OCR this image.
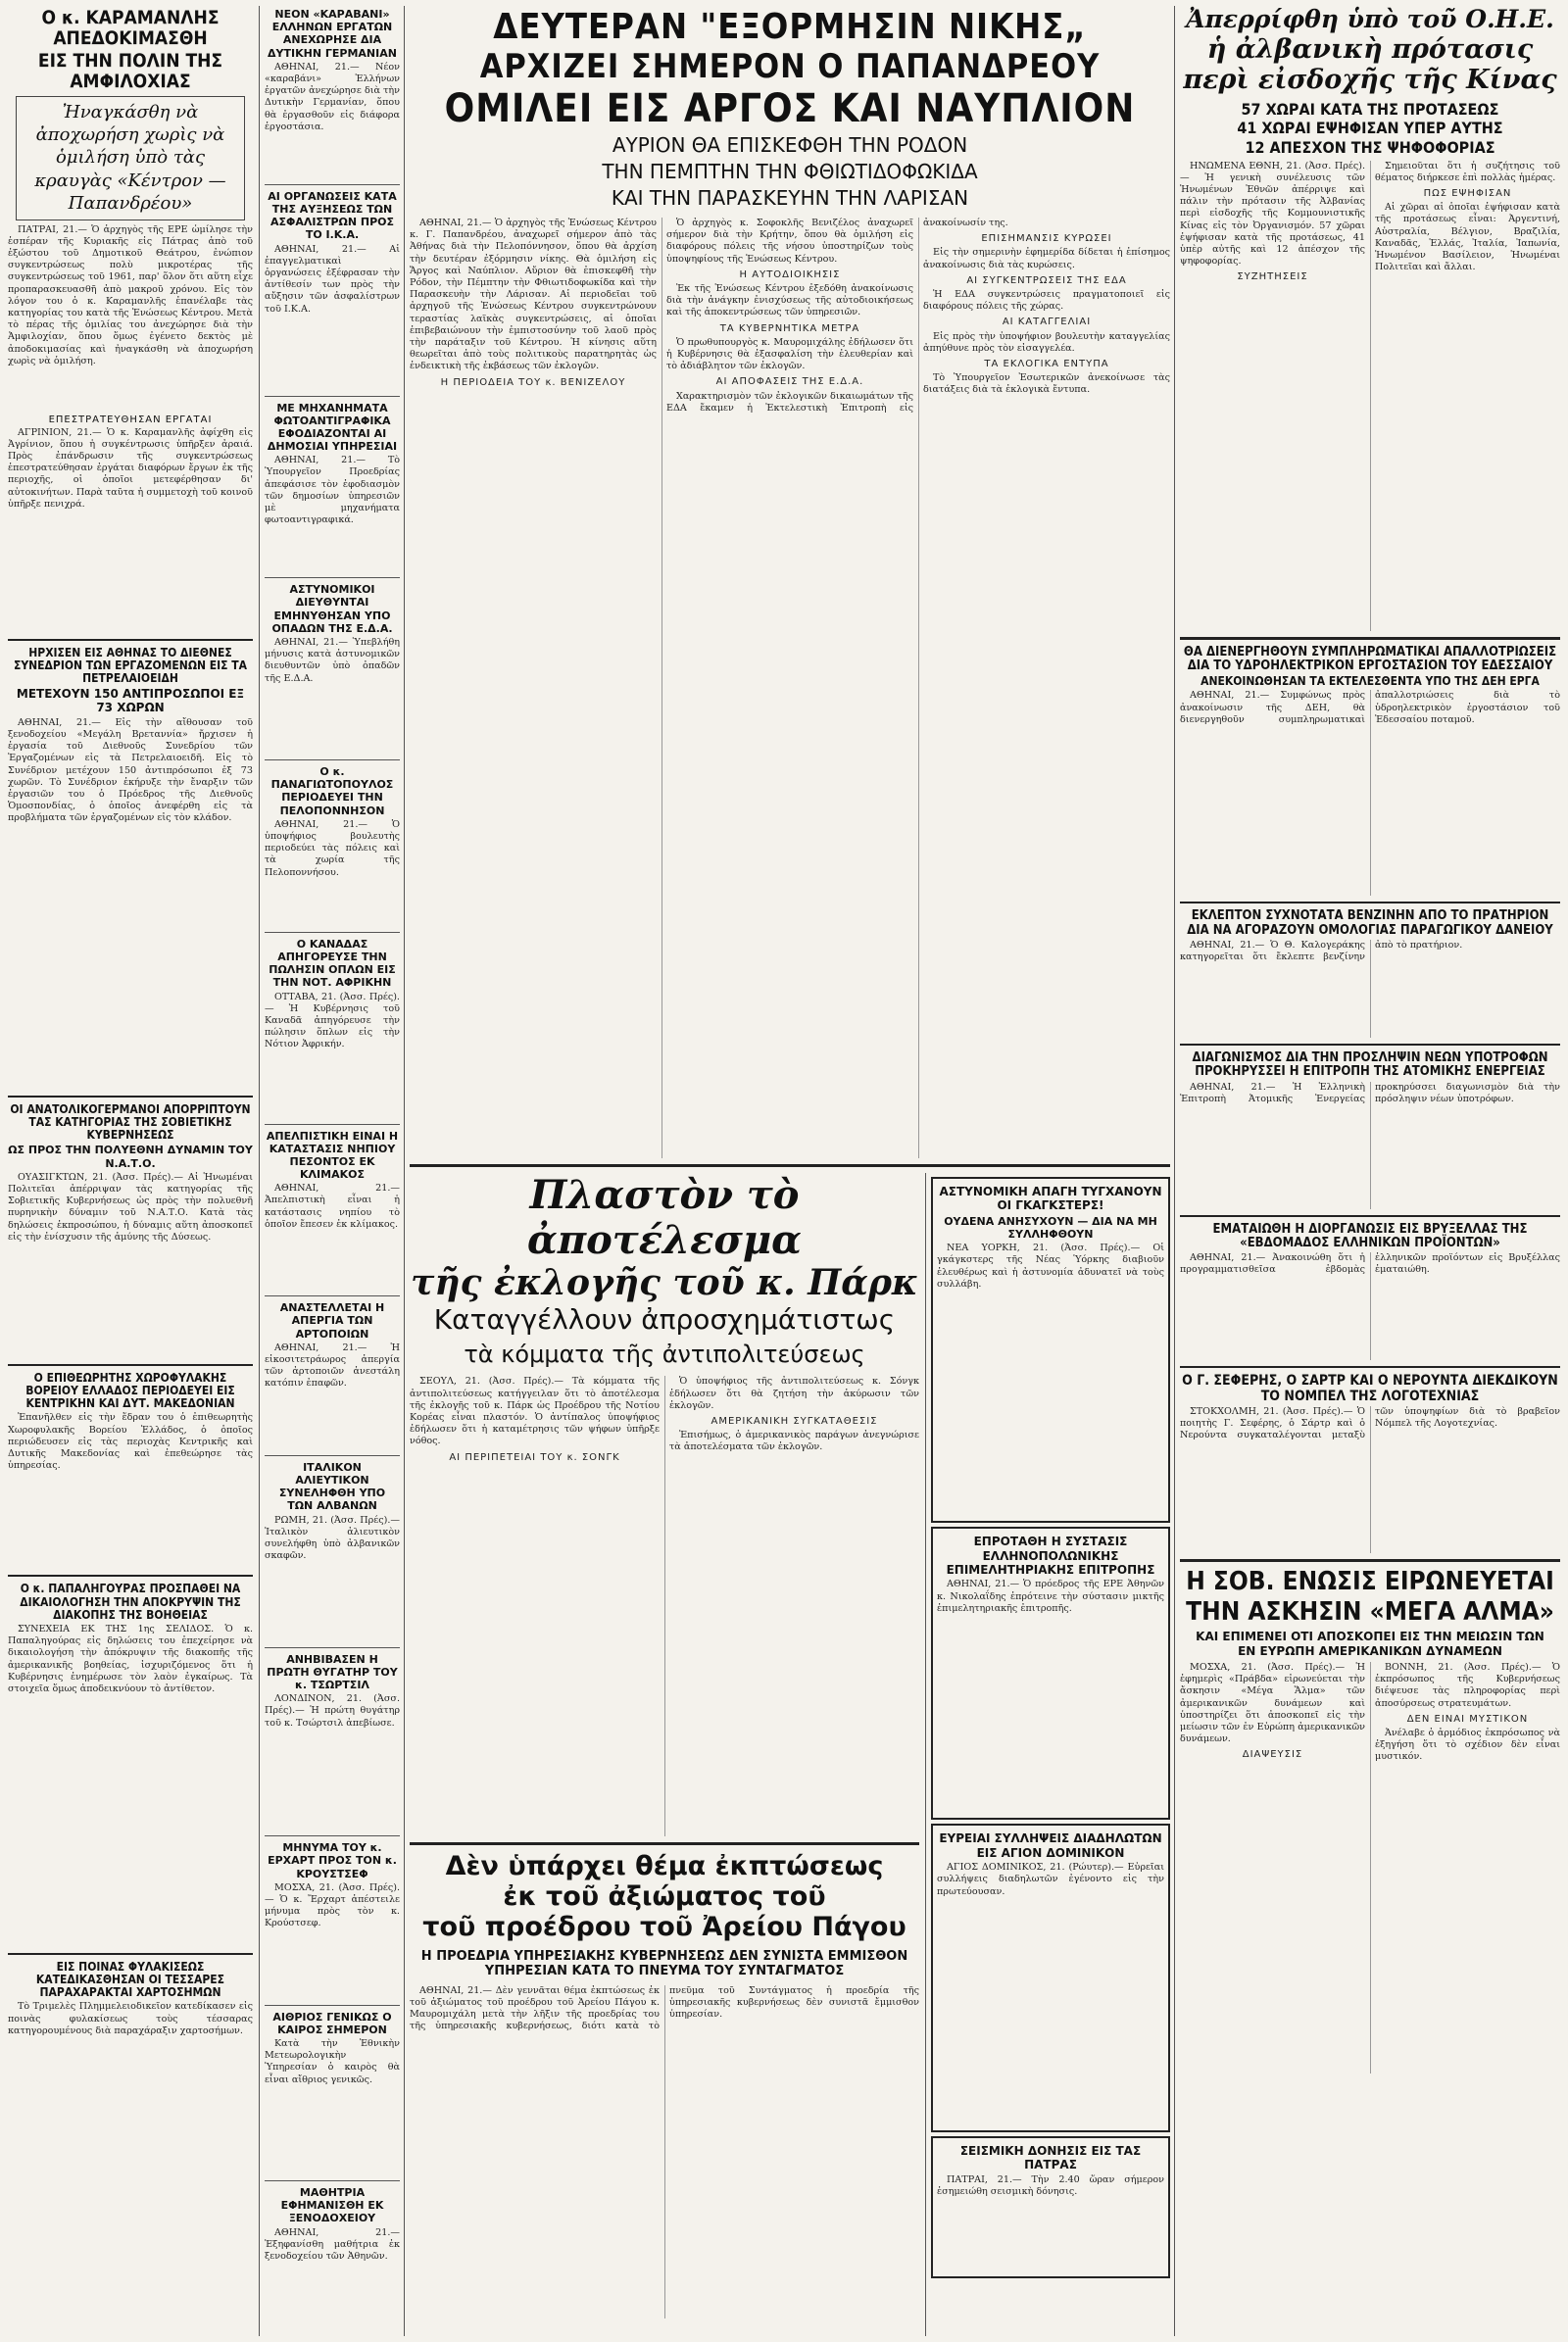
Ο κ. ΚΑΡΑΜΑΝΛΗΣ ΑΠΕΔΟΚΙΜΑΣΘΗ
ΕΙΣ ΤΗΝ ΠΟΛΙΝ ΤΗΣ ΑΜΦΙΛΟΧΙΑΣ
Ἠναγκάσθη νὰ ἀποχωρήση χωρὶς νὰ ὁμιλήση ὑπὸ τὰς κραυγὰς «Κέντρον — Παπανδρέου»

ΠΑΤΡΑΙ, 21.— Ὁ ἀρχηγὸς τῆς ΕΡΕ ὡμίλησε τὴν ἑσπέραν τῆς Κυριακῆς εἰς Πάτρας ἀπὸ τοῦ ἐξώστου τοῦ Δημοτικοῦ Θεάτρου, ἐνώπιον συγκεντρώσεως πολὺ μικροτέρας τῆς συγκεντρώσεως τοῦ 1961, παρ' ὅλον ὅτι αὕτη εἶχε προπαρασκευασθῆ ἀπὸ μακροῦ χρόνου. Εἰς τὸν λόγον του ὁ κ. Καραμανλῆς ἐπανέλαβε τὰς κατηγορίας του κατὰ τῆς Ἑνώσεως Κέντρου. Μετὰ τὸ πέρας τῆς ὁμιλίας του ἀνεχώρησε διὰ τὴν Ἀμφιλοχίαν, ὅπου ὅμως ἐγένετο δεκτὸς μὲ ἀποδοκιμασίας καὶ ἠναγκάσθη νὰ ἀποχωρήση χωρὶς νὰ ὁμιλήση.

ΕΠΕΣΤΡΑΤΕΥΘΗΣΑΝ ΕΡΓΑΤΑΙ

ΑΓΡΙΝΙΟΝ, 21.— Ὁ κ. Καραμανλῆς ἀφίχθη εἰς Ἀγρίνιον, ὅπου ἡ συγκέντρωσις ὑπῆρξεν ἀραιά. Πρὸς ἐπάνδρωσιν τῆς συγκεντρώσεως ἐπεστρατεύθησαν ἐργάται διαφόρων ἔργων ἐκ τῆς περιοχῆς, οἱ ὁποῖοι μετεφέρθησαν δι' αὐτοκινήτων. Παρὰ ταῦτα ἡ συμμετοχὴ τοῦ κοινοῦ ὑπῆρξε πενιχρά.

ΗΡΧΙΣΕΝ ΕΙΣ ΑΘΗΝΑΣ ΤΟ ΔΙΕΘΝΕΣ ΣΥΝΕΔΡΙΟΝ ΤΩΝ ΕΡΓΑΖΟΜΕΝΩΝ ΕΙΣ ΤΑ ΠΕΤΡΕΛΑΙΟΕΙΔΗ
ΜΕΤΕΧΟΥΝ 150 ΑΝΤΙΠΡΟΣΩΠΟΙ ΕΞ 73 ΧΩΡΩΝ

ΑΘΗΝΑΙ, 21.— Εἰς τὴν αἴθουσαν τοῦ ξενοδοχείου «Μεγάλη Βρεταννία» ἤρχισεν ἡ ἐργασία τοῦ Διεθνοῦς Συνεδρίου τῶν Ἐργαζομένων εἰς τὰ Πετρελαιοειδῆ. Εἰς τὸ Συνέδριον μετέχουν 150 ἀντιπρόσωποι ἐξ 73 χωρῶν. Τὸ Συνέδριον ἐκήρυξε τὴν ἔναρξιν τῶν ἐργασιῶν του ὁ Πρόεδρος τῆς Διεθνοῦς Ὁμοσπονδίας, ὁ ὁποῖος ἀνεφέρθη εἰς τὰ προβλήματα τῶν ἐργαζομένων εἰς τὸν κλάδον.

ΟΙ ΑΝΑΤΟΛΙΚΟΓΕΡΜΑΝΟΙ ΑΠΟΡΡΙΠΤΟΥΝ ΤΑΣ ΚΑΤΗΓΟΡΙΑΣ ΤΗΣ ΣΟΒΙΕΤΙΚΗΣ ΚΥΒΕΡΝΗΣΕΩΣ
ΩΣ ΠΡΟΣ ΤΗΝ ΠΟΛΥΕΘΝΗ ΔΥΝΑΜΙΝ ΤΟΥ Ν.Α.Τ.Ο.

ΟΥΑΣΙΓΚΤΩΝ, 21. (Ἀσσ. Πρές).— Αἱ Ἡνωμέναι Πολιτεῖαι ἀπέρριψαν τὰς κατηγορίας τῆς Σοβιετικῆς Κυβερνήσεως ὡς πρὸς τὴν πολυεθνῆ πυρηνικὴν δύναμιν τοῦ Ν.Α.Τ.Ο. Κατὰ τὰς δηλώσεις ἐκπροσώπου, ἡ δύναμις αὕτη ἀποσκοπεῖ εἰς τὴν ἐνίσχυσιν τῆς ἀμύνης τῆς Δύσεως.

Ο ΕΠΙΘΕΩΡΗΤΗΣ ΧΩΡΟΦΥΛΑΚΗΣ ΒΟΡΕΙΟΥ ΕΛΛΑΔΟΣ ΠΕΡΙΟΔΕΥΕΙ ΕΙΣ ΚΕΝΤΡΙΚΗΝ ΚΑΙ ΔΥΤ. ΜΑΚΕΔΟΝΙΑΝ

Ἐπανῆλθεν εἰς τὴν ἕδραν του ὁ ἐπιθεωρητὴς Χωροφυλακῆς Βορείου Ἑλλάδος, ὁ ὁποῖος περιώδευσεν εἰς τὰς περιοχὰς Κεντρικῆς καὶ Δυτικῆς Μακεδονίας καὶ ἐπεθεώρησε τὰς ὑπηρεσίας.

Ο κ. ΠΑΠΑΛΗΓΟΥΡΑΣ ΠΡΟΣΠΑΘΕΙ ΝΑ ΔΙΚΑΙΟΛΟΓΗΣΗ ΤΗΝ ΑΠΟΚΡΥΨΙΝ ΤΗΣ ΔΙΑΚΟΠΗΣ ΤΗΣ ΒΟΗΘΕΙΑΣ

ΣΥΝΕΧΕΙΑ ΕΚ ΤΗΣ 1ης ΣΕΛΙΔΟΣ. Ὁ κ. Παπαληγούρας εἰς δηλώσεις του ἐπεχείρησε νὰ δικαιολογήση τὴν ἀπόκρυψιν τῆς διακοπῆς τῆς ἀμερικανικῆς βοηθείας, ἰσχυριζόμενος ὅτι ἡ Κυβέρνησις ἐνημέρωσε τὸν λαὸν ἐγκαίρως. Τὰ στοιχεῖα ὅμως ἀποδεικνύουν τὸ ἀντίθετον.

ΕΙΣ ΠΟΙΝΑΣ ΦΥΛΑΚΙΣΕΩΣ ΚΑΤΕΔΙΚΑΣΘΗΣΑΝ ΟΙ ΤΕΣΣΑΡΕΣ ΠΑΡΑΧΑΡΑΚΤΑΙ ΧΑΡΤΟΣΗΜΩΝ

Τὸ Τριμελὲς Πλημμελειοδικεῖον κατεδίκασεν εἰς ποινὰς φυλακίσεως τοὺς τέσσαρας κατηγορουμένους διὰ παραχάραξιν χαρτοσήμων.

ΝΕΟΝ «ΚΑΡΑΒΑΝΙ» ΕΛΛΗΝΩΝ ΕΡΓΑΤΩΝ ΑΝΕΧΩΡΗΣΕ ΔΙΑ ΔΥΤΙΚΗΝ ΓΕΡΜΑΝΙΑΝ

ΑΘΗΝΑΙ, 21.— Νέον «καραβάνι» Ἑλλήνων ἐργατῶν ἀνεχώρησε διὰ τὴν Δυτικὴν Γερμανίαν, ὅπου θὰ ἐργασθοῦν εἰς διάφορα ἐργοστάσια.

ΑΙ ΟΡΓΑΝΩΣΕΙΣ ΚΑΤΑ ΤΗΣ ΑΥΞΗΣΕΩΣ ΤΩΝ ΑΣΦΑΛΙΣΤΡΩΝ ΠΡΟΣ ΤΟ Ι.Κ.Α.

ΑΘΗΝΑΙ, 21.— Αἱ ἐπαγγελματικαὶ ὀργανώσεις ἐξέφρασαν τὴν ἀντίθεσίν των πρὸς τὴν αὔξησιν τῶν ἀσφαλίστρων τοῦ Ι.Κ.Α.

ΜΕ ΜΗΧΑΝΗΜΑΤΑ ΦΩΤΟΑΝΤΙΓΡΑΦΙΚΑ ΕΦΟΔΙΑΖΟΝΤΑΙ ΑΙ ΔΗΜΟΣΙΑΙ ΥΠΗΡΕΣΙΑΙ

ΑΘΗΝΑΙ, 21.— Τὸ Ὑπουργεῖον Προεδρίας ἀπεφάσισε τὸν ἐφοδιασμὸν τῶν δημοσίων ὑπηρεσιῶν μὲ μηχανήματα φωτοαντιγραφικά.

ΑΣΤΥΝΟΜΙΚΟΙ ΔΙΕΥΘΥΝΤΑΙ ΕΜΗΝΥΘΗΣΑΝ ΥΠΟ ΟΠΑΔΩΝ ΤΗΣ Ε.Δ.Α.

ΑΘΗΝΑΙ, 21.— Ὑπεβλήθη μήνυσις κατὰ ἀστυνομικῶν διευθυντῶν ὑπὸ ὀπαδῶν τῆς Ε.Δ.Α.

Ο κ. ΠΑΝΑΓΙΩΤΟΠΟΥΛΟΣ ΠΕΡΙΟΔΕΥΕΙ ΤΗΝ ΠΕΛΟΠΟΝΝΗΣΟΝ

ΑΘΗΝΑΙ, 21.— Ὁ ὑποψήφιος βουλευτὴς περιοδεύει τὰς πόλεις καὶ τὰ χωρία τῆς Πελοποννήσου.

Ο ΚΑΝΑΔΑΣ ΑΠΗΓΟΡΕΥΣΕ ΤΗΝ ΠΩΛΗΣΙΝ ΟΠΛΩΝ ΕΙΣ ΤΗΝ ΝΟΤ. ΑΦΡΙΚΗΝ

ΟΤΤΑΒΑ, 21. (Ἀσσ. Πρές).— Ἡ Κυβέρνησις τοῦ Καναδᾶ ἀπηγόρευσε τὴν πώλησιν ὅπλων εἰς τὴν Νότιον Ἀφρικήν.

ΑΠΕΛΠΙΣΤΙΚΗ ΕΙΝΑΙ Η ΚΑΤΑΣΤΑΣΙΣ ΝΗΠΙΟΥ ΠΕΣΟΝΤΟΣ ΕΚ ΚΛΙΜΑΚΟΣ

ΑΘΗΝΑΙ, 21.— Ἀπελπιστικὴ εἶναι ἡ κατάστασις νηπίου τὸ ὁποῖον ἔπεσεν ἐκ κλίμακος.

ΑΝΑΣΤΕΛΛΕΤΑΙ Η ΑΠΕΡΓΙΑ ΤΩΝ ΑΡΤΟΠΟΙΩΝ

ΑΘΗΝΑΙ, 21.— Ἡ εἰκοσιτετράωρος ἀπεργία τῶν ἀρτοποιῶν ἀνεστάλη κατόπιν ἐπαφῶν.

ΙΤΑΛΙΚΟΝ ΑΛΙΕΥΤΙΚΟΝ ΣΥΝΕΛΗΦΘΗ ΥΠΟ ΤΩΝ ΑΛΒΑΝΩΝ

ΡΩΜΗ, 21. (Ἀσσ. Πρές).— Ἰταλικὸν ἁλιευτικὸν συνελήφθη ὑπὸ ἀλβανικῶν σκαφῶν.

ΑΝΗΒΙΒΑΣΕΝ Η ΠΡΩΤΗ ΘΥΓΑΤΗΡ ΤΟΥ κ. ΤΣΩΡΤΣΙΛ

ΛΟΝΔΙΝΟΝ, 21. (Ἀσσ. Πρές).— Ἡ πρώτη θυγάτηρ τοῦ κ. Τσώρτσιλ ἀπεβίωσε.

ΜΗΝΥΜΑ ΤΟΥ κ. ΕΡΧΑΡΤ ΠΡΟΣ ΤΟΝ κ. ΚΡΟΥΣΤΣΕΦ

ΜΟΣΧΑ, 21. (Ἀσσ. Πρές).— Ὁ κ. Ἔρχαρτ ἀπέστειλε μήνυμα πρὸς τὸν κ. Κρούστσεφ.

ΑΙΘΡΙΟΣ ΓΕΝΙΚΩΣ Ο ΚΑΙΡΟΣ ΣΗΜΕΡΟΝ

Κατὰ τὴν Ἐθνικὴν Μετεωρολογικὴν Ὑπηρεσίαν ὁ καιρὸς θὰ εἶναι αἴθριος γενικῶς.

ΜΑΘΗΤΡΙΑ ΕΦΗΜΑΝΙΣΘΗ ΕΚ ΞΕΝΟΔΟΧΕΙΟΥ

ΑΘΗΝΑΙ, 21.— Ἐξηφανίσθη μαθήτρια ἐκ ξενοδοχείου τῶν Ἀθηνῶν.

ΔΕΥΤΕΡΑΝ "ΕΞΟΡΜΗΣΙΝ ΝΙΚΗΣ„
ΑΡΧΙΖΕΙ ΣΗΜΕΡΟΝ Ο ΠΑΠΑΝΔΡΕΟΥ
ΟΜΙΛΕΙ ΕΙΣ ΑΡΓΟΣ ΚΑΙ ΝΑΥΠΛΙΟΝ
ΑΥΡΙΟΝ ΘΑ ΕΠΙΣΚΕΦΘΗ ΤΗΝ ΡΟΔΟΝ
ΤΗΝ ΠΕΜΠΤΗΝ ΤΗΝ ΦΘΙΩΤΙΔΟΦΩΚΙΔΑ
ΚΑΙ ΤΗΝ ΠΑΡΑΣΚΕΥΗΝ ΤΗΝ ΛΑΡΙΣΑΝ

ΑΘΗΝΑΙ, 21.— Ὁ ἀρχηγὸς τῆς Ἑνώσεως Κέντρου κ. Γ. Παπανδρέου, ἀναχωρεῖ σήμερον ἀπὸ τὰς Ἀθήνας διὰ τὴν Πελοπόννησον, ὅπου θὰ ἀρχίση τὴν δευτέραν ἐξόρμησιν νίκης. Θὰ ὁμιλήση εἰς Ἄργος καὶ Ναύπλιον. Αὔριον θὰ ἐπισκεφθῆ τὴν Ρόδον, τὴν Πέμπτην τὴν Φθιωτιδοφωκίδα καὶ τὴν Παρασκευὴν τὴν Λάρισαν. Αἱ περιοδεῖαι τοῦ ἀρχηγοῦ τῆς Ἑνώσεως Κέντρου συγκεντρώνουν τεραστίας λαϊκὰς συγκεντρώσεις, αἱ ὁποῖαι ἐπιβεβαιώνουν τὴν ἐμπιστοσύνην τοῦ λαοῦ πρὸς τὴν παράταξιν τοῦ Κέντρου. Ἡ κίνησις αὕτη θεωρεῖται ἀπὸ τοὺς πολιτικοὺς παρατηρητὰς ὡς ἐνδεικτικὴ τῆς ἐκβάσεως τῶν ἐκλογῶν.

Η ΠΕΡΙΟΔΕΙΑ ΤΟΥ κ. ΒΕΝΙΖΕΛΟΥ

Ὁ ἀρχηγὸς κ. Σοφοκλῆς Βενιζέλος ἀναχωρεῖ σήμερον διὰ τὴν Κρήτην, ὅπου θὰ ὁμιλήση εἰς διαφόρους πόλεις τῆς νήσου ὑποστηρίζων τοὺς ὑποψηφίους τῆς Ἑνώσεως Κέντρου.

Η ΑΥΤΟΔΙΟΙΚΗΣΙΣ

Ἐκ τῆς Ἑνώσεως Κέντρου ἐξεδόθη ἀνακοίνωσις διὰ τὴν ἀνάγκην ἐνισχύσεως τῆς αὐτοδιοικήσεως καὶ τῆς ἀποκεντρώσεως τῶν ὑπηρεσιῶν.

ΤΑ ΚΥΒΕΡΝΗΤΙΚΑ ΜΕΤΡΑ

Ὁ πρωθυπουργὸς κ. Μαυρομιχάλης ἐδήλωσεν ὅτι ἡ Κυβέρνησις θὰ ἐξασφαλίση τὴν ἐλευθερίαν καὶ τὸ ἀδιάβλητον τῶν ἐκλογῶν.

ΑΙ ΑΠΟΦΑΣΕΙΣ ΤΗΣ Ε.Δ.Α.

Χαρακτηρισμὸν τῶν ἐκλογικῶν δικαιωμάτων τῆς ΕΔΑ ἔκαμεν ἡ Ἐκτελεστικὴ Ἐπιτροπὴ εἰς ἀνακοίνωσίν της.

ΕΠΙΣΗΜΑΝΣΙΣ ΚΥΡΩΣΕΙ

Εἰς τὴν σημερινὴν ἐφημερίδα δίδεται ἡ ἐπίσημος ἀνακοίνωσις διὰ τὰς κυρώσεις.

ΑΙ ΣΥΓΚΕΝΤΡΩΣΕΙΣ ΤΗΣ ΕΔΑ

Ἡ ΕΔΑ συγκεντρώσεις πραγματοποιεῖ εἰς διαφόρους πόλεις τῆς χώρας.

ΑΙ ΚΑΤΑΓΓΕΛΙΑΙ

Εἰς πρὸς τὴν ὑποψήφιον βουλευτὴν καταγγελίας ἀπηύθυνε πρὸς τὸν εἰσαγγελέα.

ΤΑ ΕΚΛΟΓΙΚΑ ΕΝΤΥΠΑ

Τὸ Ὑπουργεῖον Ἐσωτερικῶν ἀνεκοίνωσε τὰς διατάξεις διὰ τὰ ἐκλογικὰ ἔντυπα.

Πλαστὸν τὸ ἀποτέλεσμα
τῆς ἐκλογῆς τοῦ κ. Πάρκ
Καταγγέλλουν ἀπροσχημάτιστως
τὰ κόμματα τῆς ἀντιπολιτεύσεως

ΣΕΟΥΛ, 21. (Ἀσσ. Πρές).— Τὰ κόμματα τῆς ἀντιπολιτεύσεως κατήγγειλαν ὅτι τὸ ἀποτέλεσμα τῆς ἐκλογῆς τοῦ κ. Πάρκ ὡς Προέδρου τῆς Νοτίου Κορέας εἶναι πλαστόν. Ὁ ἀντίπαλος ὑποψήφιος ἐδήλωσεν ὅτι ἡ καταμέτρησις τῶν ψήφων ὑπῆρξε νόθος.

ΑΙ ΠΕΡΙΠΕΤΕΙΑΙ ΤΟΥ κ. ΣΟΝΓΚ

Ὁ ὑποψήφιος τῆς ἀντιπολιτεύσεως κ. Σόνγκ ἐδήλωσεν ὅτι θὰ ζητήση τὴν ἀκύρωσιν τῶν ἐκλογῶν.

ΑΜΕΡΙΚΑΝΙΚΗ ΣΥΓΚΑΤΑΘΕΣΙΣ

Ἐπισήμως, ὁ ἀμερικανικὸς παράγων ἀνεγνώρισε τὰ ἀποτελέσματα τῶν ἐκλογῶν.

Δὲν ὑπάρχει θέμα ἐκπτώσεως
ἐκ τοῦ ἀξιώματος τοῦ
τοῦ προέδρου τοῦ Ἀρείου Πάγου
Η ΠΡΟΕΔΡΙΑ ΥΠΗΡΕΣΙΑΚΗΣ ΚΥΒΕΡΝΗΣΕΩΣ ΔΕΝ ΣΥΝΙΣΤΑ ΕΜΜΙΣΘΟΝ ΥΠΗΡΕΣΙΑΝ ΚΑΤΑ ΤΟ ΠΝΕΥΜΑ ΤΟΥ ΣΥΝΤΑΓΜΑΤΟΣ

ΑΘΗΝΑΙ, 21.— Δὲν γεννᾶται θέμα ἐκπτώσεως ἐκ τοῦ ἀξιώματος τοῦ προέδρου τοῦ Ἀρείου Πάγου κ. Μαυρομιχάλη μετὰ τὴν λῆξιν τῆς προεδρίας του τῆς ὑπηρεσιακῆς κυβερνήσεως, διότι κατὰ τὸ πνεῦμα τοῦ Συντάγματος ἡ προεδρία τῆς ὑπηρεσιακῆς κυβερνήσεως δὲν συνιστᾶ ἔμμισθον ὑπηρεσίαν.

ΑΣΤΥΝΟΜΙΚΗ ΑΠΑΓΗ ΤΥΓΧΑΝΟΥΝ ΟΙ ΓΚΑΓΚΣΤΕΡΣ!
ΟΥΔΕΝΑ ΑΝΗΣΥΧΟΥΝ — ΔΙΑ ΝΑ ΜΗ ΣΥΛΛΗΦΘΟΥΝ

ΝΕΑ ΥΟΡΚΗ, 21. (Ἀσσ. Πρές).— Οἱ γκάγκστερς τῆς Νέας Ὑόρκης διαβιοῦν ἐλευθέρως καὶ ἡ ἀστυνομία ἀδυνατεῖ νὰ τοὺς συλλάβη.

ΕΠΡΟΤΑΘΗ Η ΣΥΣΤΑΣΙΣ ΕΛΛΗΝΟΠΟΛΩΝΙΚΗΣ ΕΠΙΜΕΛΗΤΗΡΙΑΚΗΣ ΕΠΙΤΡΟΠΗΣ

ΑΘΗΝΑΙ, 21.— Ὁ πρόεδρος τῆς ΕΡΕ Ἀθηνῶν κ. Νικολαΐδης ἐπρότεινε τὴν σύστασιν μικτῆς ἐπιμελητηριακῆς ἐπιτροπῆς.

ΕΥΡΕΙΑΙ ΣΥΛΛΗΨΕΙΣ ΔΙΑΔΗΛΩΤΩΝ ΕΙΣ ΑΓΙΟΝ ΔΟΜΙΝΙΚΟΝ

ΑΓΙΟΣ ΔΟΜΙΝΙΚΟΣ, 21. (Ρώυτερ).— Εὐρεῖαι συλλήψεις διαδηλωτῶν ἐγένοντο εἰς τὴν πρωτεύουσαν.

ΣΕΙΣΜΙΚΗ ΔΟΝΗΣΙΣ ΕΙΣ ΤΑΣ ΠΑΤΡΑΣ

ΠΑΤΡΑΙ, 21.— Τὴν 2.40 ὥραν σήμερον ἐσημειώθη σεισμικὴ δόνησις.

Ἀπερρίφθη ὑπὸ τοῦ Ο.Η.Ε.
ἡ ἀλβανικὴ πρότασις
περὶ εἰσδοχῆς τῆς Κίνας
57 ΧΩΡΑΙ ΚΑΤΑ ΤΗΣ ΠΡΟΤΑΣΕΩΣ
41 ΧΩΡΑΙ ΕΨΗΦΙΣΑΝ ΥΠΕΡ ΑΥΤΗΣ
12 ΑΠΕΣΧΟΝ ΤΗΣ ΨΗΦΟΦΟΡΙΑΣ

ΗΝΩΜΕΝΑ ΕΘΝΗ, 21. (Ἀσσ. Πρές).— Ἡ γενικὴ συνέλευσις τῶν Ἡνωμένων Ἐθνῶν ἀπέρριψε καὶ πάλιν τὴν πρότασιν τῆς Ἀλβανίας περὶ εἰσδοχῆς τῆς Κομμουνιστικῆς Κίνας εἰς τὸν Ὀργανισμόν. 57 χῶραι ἐψήφισαν κατὰ τῆς προτάσεως, 41 ὑπὲρ αὐτῆς καὶ 12 ἀπέσχον τῆς ψηφοφορίας.

ΣΥΖΗΤΗΣΕΙΣ

Σημειοῦται ὅτι ἡ συζήτησις τοῦ θέματος διήρκεσε ἐπὶ πολλὰς ἡμέρας.

ΠΩΣ ΕΨΗΦΙΣΑΝ

Αἱ χῶραι αἱ ὁποῖαι ἐψήφισαν κατὰ τῆς προτάσεως εἶναι: Ἀργεντινή, Αὐστραλία, Βέλγιον, Βραζιλία, Καναδᾶς, Ἑλλάς, Ἰταλία, Ἰαπωνία, Ἡνωμένον Βασίλειον, Ἡνωμέναι Πολιτεῖαι καὶ ἄλλαι.

ΘΑ ΔΙΕΝΕΡΓΗΘΟΥΝ ΣΥΜΠΛΗΡΩΜΑΤΙΚΑΙ ΑΠΑΛΛΟΤΡΙΩΣΕΙΣ ΔΙΑ ΤΟ ΥΔΡΟΗΛΕΚΤΡΙΚΟΝ ΕΡΓΟΣΤΑΣΙΟΝ ΤΟΥ ΕΔΕΣΣΑΙΟΥ
ΑΝΕΚΟΙΝΩΘΗΣΑΝ ΤΑ ΕΚΤΕΛΕΣΘΕΝΤΑ ΥΠΟ ΤΗΣ ΔΕΗ ΕΡΓΑ

ΑΘΗΝΑΙ, 21.— Συμφώνως πρὸς ἀνακοίνωσιν τῆς ΔΕΗ, θὰ διενεργηθοῦν συμπληρωματικαὶ ἀπαλλοτριώσεις διὰ τὸ ὑδροηλεκτρικὸν ἐργοστάσιον τοῦ Ἐδεσσαίου ποταμοῦ.

ΕΚΛΕΠΤΟΝ ΣΥΧΝΟΤΑΤΑ ΒΕΝΖΙΝΗΝ ΑΠΟ ΤΟ ΠΡΑΤΗΡΙΟΝ ΔΙΑ ΝΑ ΑΓΟΡΑΖΟΥΝ ΟΜΟΛΟΓΙΑΣ ΠΑΡΑΓΩΓΙΚΟΥ ΔΑΝΕΙΟΥ

ΑΘΗΝΑΙ, 21.— Ὁ Θ. Καλογεράκης κατηγορεῖται ὅτι ἔκλεπτε βενζίνην ἀπὸ τὸ πρατήριον.

ΔΙΑΓΩΝΙΣΜΟΣ ΔΙΑ ΤΗΝ ΠΡΟΣΛΗΨΙΝ ΝΕΩΝ ΥΠΟΤΡΟΦΩΝ ΠΡΟΚΗΡΥΣΣΕΙ Η ΕΠΙΤΡΟΠΗ ΤΗΣ ΑΤΟΜΙΚΗΣ ΕΝΕΡΓΕΙΑΣ

ΑΘΗΝΑΙ, 21.— Ἡ Ἑλληνικὴ Ἐπιτροπὴ Ἀτομικῆς Ἐνεργείας προκηρύσσει διαγωνισμὸν διὰ τὴν πρόσληψιν νέων ὑποτρόφων.

ΕΜΑΤΑΙΩΘΗ Η ΔΙΟΡΓΑΝΩΣΙΣ ΕΙΣ ΒΡΥΞΕΛΛΑΣ ΤΗΣ «ΕΒΔΟΜΑΔΟΣ ΕΛΛΗΝΙΚΩΝ ΠΡΟΪΟΝΤΩΝ»

ΑΘΗΝΑΙ, 21.— Ἀνακοινώθη ὅτι ἡ προγραμματισθεῖσα ἑβδομὰς ἑλληνικῶν προϊόντων εἰς Βρυξέλλας ἐματαιώθη.

Ο Γ. ΣΕΦΕΡΗΣ, Ο ΣΑΡΤΡ ΚΑΙ Ο ΝΕΡΟΥΝΤΑ ΔΙΕΚΔΙΚΟΥΝ ΤΟ ΝΟΜΠΕΛ ΤΗΣ ΛΟΓΟΤΕΧΝΙΑΣ

ΣΤΟΚΧΟΛΜΗ, 21. (Ἀσσ. Πρές).— Ὁ ποιητὴς Γ. Σεφέρης, ὁ Σάρτρ καὶ ὁ Νερούντα συγκαταλέγονται μεταξὺ τῶν ὑποψηφίων διὰ τὸ βραβεῖον Νόμπελ τῆς Λογοτεχνίας.

Η ΣΟΒ. ΕΝΩΣΙΣ ΕΙΡΩΝΕΥΕΤΑΙ
ΤΗΝ ΑΣΚΗΣΙΝ «ΜΕΓΑ ΑΛΜΑ»
ΚΑΙ ΕΠΙΜΕΝΕΙ ΟΤΙ ΑΠΟΣΚΟΠΕΙ ΕΙΣ ΤΗΝ ΜΕΙΩΣΙΝ ΤΩΝ ΕΝ ΕΥΡΩΠΗ ΑΜΕΡΙΚΑΝΙΚΩΝ ΔΥΝΑΜΕΩΝ

ΜΟΣΧΑ, 21. (Ἀσσ. Πρές).— Ἡ ἐφημερὶς «Πράβδα» εἰρωνεύεται τὴν ἄσκησιν «Μέγα Ἅλμα» τῶν ἀμερικανικῶν δυνάμεων καὶ ὑποστηρίζει ὅτι ἀποσκοπεῖ εἰς τὴν μείωσιν τῶν ἐν Εὐρώπη ἀμερικανικῶν δυνάμεων.

ΔΙΑΨΕΥΣΙΣ

ΒΟΝΝΗ, 21. (Ἀσσ. Πρές).— Ὁ ἐκπρόσωπος τῆς Κυβερνήσεως διέψευσε τὰς πληροφορίας περὶ ἀποσύρσεως στρατευμάτων.

ΔΕΝ ΕΙΝΑΙ ΜΥΣΤΙΚΟΝ

Ἀνέλαβε ὁ ἀρμόδιος ἐκπρόσωπος νὰ ἐξηγήση ὅτι τὸ σχέδιον δὲν εἶναι μυστικόν.
